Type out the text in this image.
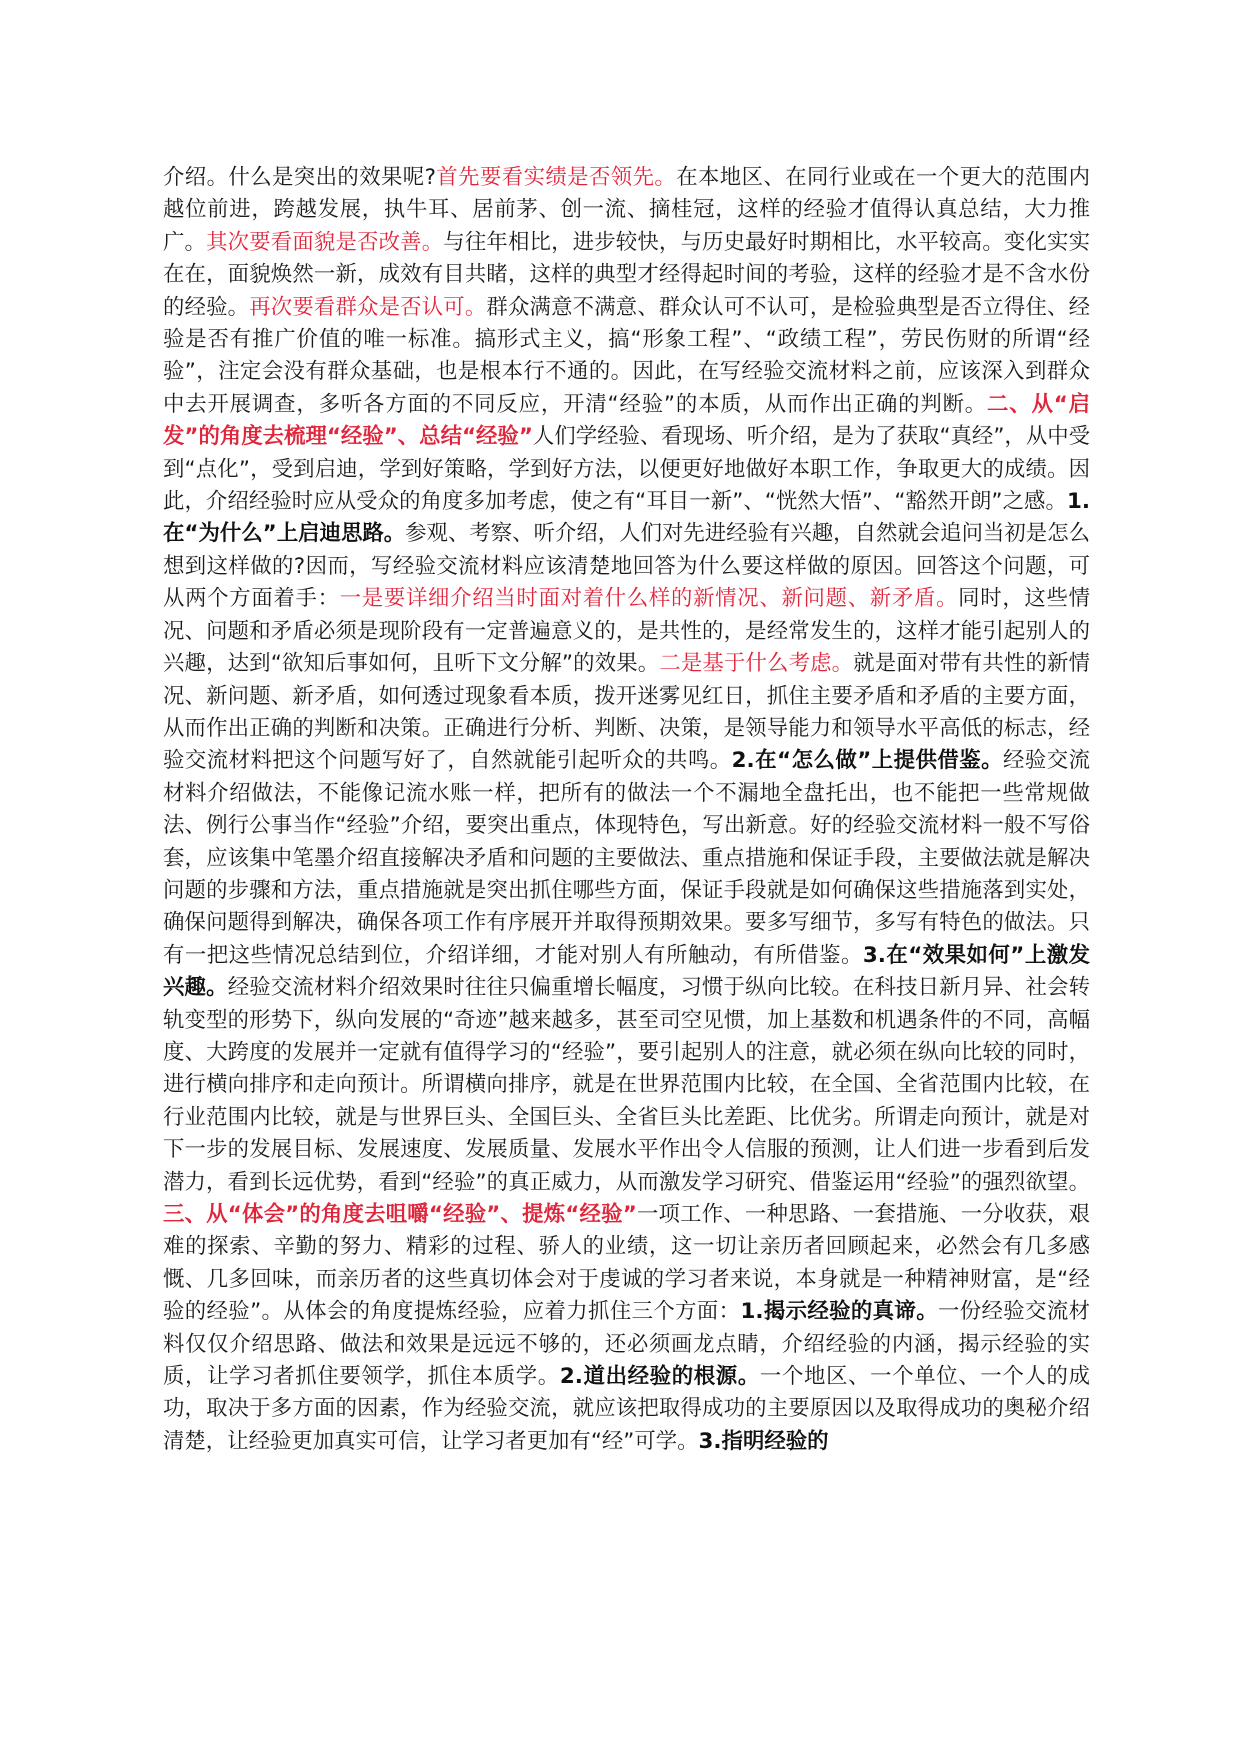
介绍。什么是突出的效果呢?首先要看实绩是否领先。在本地区、在同行业或在一个更大的范围内越位前进，跨越发展，执牛耳、居前茅、创一流、摘桂冠，这样的经验才值得认真总结，大力推广。其次要看面貌是否改善。与往年相比，进步较快，与历史最好时期相比，水平较高。变化实实在在，面貌焕然一新，成效有目共睹，这样的典型才经得起时间的考验，这样的经验才是不含水份的经验。再次要看群众是否认可。群众满意不满意、群众认可不认可，是检验典型是否立得住、经验是否有推广价值的唯一标准。搞形式主义，搞“形象工程”、“政绩工程”，劳民伤财的所谓“经验”，注定会没有群众基础，也是根本行不通的。因此，在写经验交流材料之前，应该深入到群众中去开展调查，多听各方面的不同反应，开清“经验”的本质，从而作出正确的判断。二、从“启发”的角度去梳理“经验”、总结“经验”人们学经验、看现场、听介绍，是为了获取“真经”，从中受到“点化”，受到启迪，学到好策略，学到好方法，以便更好地做好本职工作，争取更大的成绩。因此，介绍经验时应从受众的角度多加考虑，使之有“耳目一新”、“恍然大悟”、“豁然开朗”之感。1.在“为什么”上启迪思路。参观、考察、听介绍，人们对先进经验有兴趣，自然就会追问当初是怎么想到这样做的?因而，写经验交流材料应该清楚地回答为什么要这样做的原因。回答这个问题，可从两个方面着手：一是要详细介绍当时面对着什么样的新情况、新问题、新矛盾。同时，这些情况、问题和矛盾必须是现阶段有一定普遍意义的，是共性的，是经常发生的，这样才能引起别人的兴趣，达到“欲知后事如何，且听下文分解”的效果。二是基于什么考虑。就是面对带有共性的新情况、新问题、新矛盾，如何透过现象看本质，拨开迷雾见红日，抓住主要矛盾和矛盾的主要方面，从而作出正确的判断和决策。正确进行分析、判断、决策，是领导能力和领导水平高低的标志，经验交流材料把这个问题写好了，自然就能引起听众的共鸣。2.在“怎么做”上提供借鉴。经验交流材料介绍做法，不能像记流水账一样，把所有的做法一个不漏地全盘托出，也不能把一些常规做法、例行公事当作“经验”介绍，要突出重点，体现特色，写出新意。好的经验交流材料一般不写俗套，应该集中笔墨介绍直接解决矛盾和问题的主要做法、重点措施和保证手段，主要做法就是解决问题的步骤和方法，重点措施就是突出抓住哪些方面，保证手段就是如何确保这些措施落到实处，确保问题得到解决，确保各项工作有序展开并取得预期效果。要多写细节，多写有特色的做法。只有一把这些情况总结到位，介绍详细，才能对别人有所触动，有所借鉴。3.在“效果如何”上激发兴趣。经验交流材料介绍效果时往往只偏重增长幅度，习惯于纵向比较。在科技日新月异、社会转轨变型的形势下，纵向发展的“奇迹”越来越多，甚至司空见惯，加上基数和机遇条件的不同，高幅度、大跨度的发展并一定就有值得学习的“经验”，要引起别人的注意，就必须在纵向比较的同时，进行横向排序和走向预计。所谓横向排序，就是在世界范围内比较，在全国、全省范围内比较，在行业范围内比较，就是与世界巨头、全国巨头、全省巨头比差距、比优劣。所谓走向预计，就是对下一步的发展目标、发展速度、发展质量、发展水平作出令人信服的预测，让人们进一步看到后发潜力，看到长远优势，看到“经验”的真正威力，从而激发学习研究、借鉴运用“经验”的强烈欲望。三、从“体会”的角度去咀嚼“经验”、提炼“经验”一项工作、一种思路、一套措施、一分收获，艰难的探索、辛勤的努力、精彩的过程、骄人的业绩，这一切让亲历者回顾起来，必然会有几多感慨、几多回味，而亲历者的这些真切体会对于虔诚的学习者来说，本身就是一种精神财富，是“经验的经验”。从体会的角度提炼经验，应着力抓住三个方面：1.揭示经验的真谛。一份经验交流材料仅仅介绍思路、做法和效果是远远不够的，还必须画龙点睛，介绍经验的内涵，揭示经验的实质，让学习者抓住要领学，抓住本质学。2.道出经验的根源。一个地区、一个单位、一个人的成功，取决于多方面的因素，作为经验交流，就应该把取得成功的主要原因以及取得成功的奥秘介绍清楚，让经验更加真实可信，让学习者更加有“经”可学。3.指明经验的
